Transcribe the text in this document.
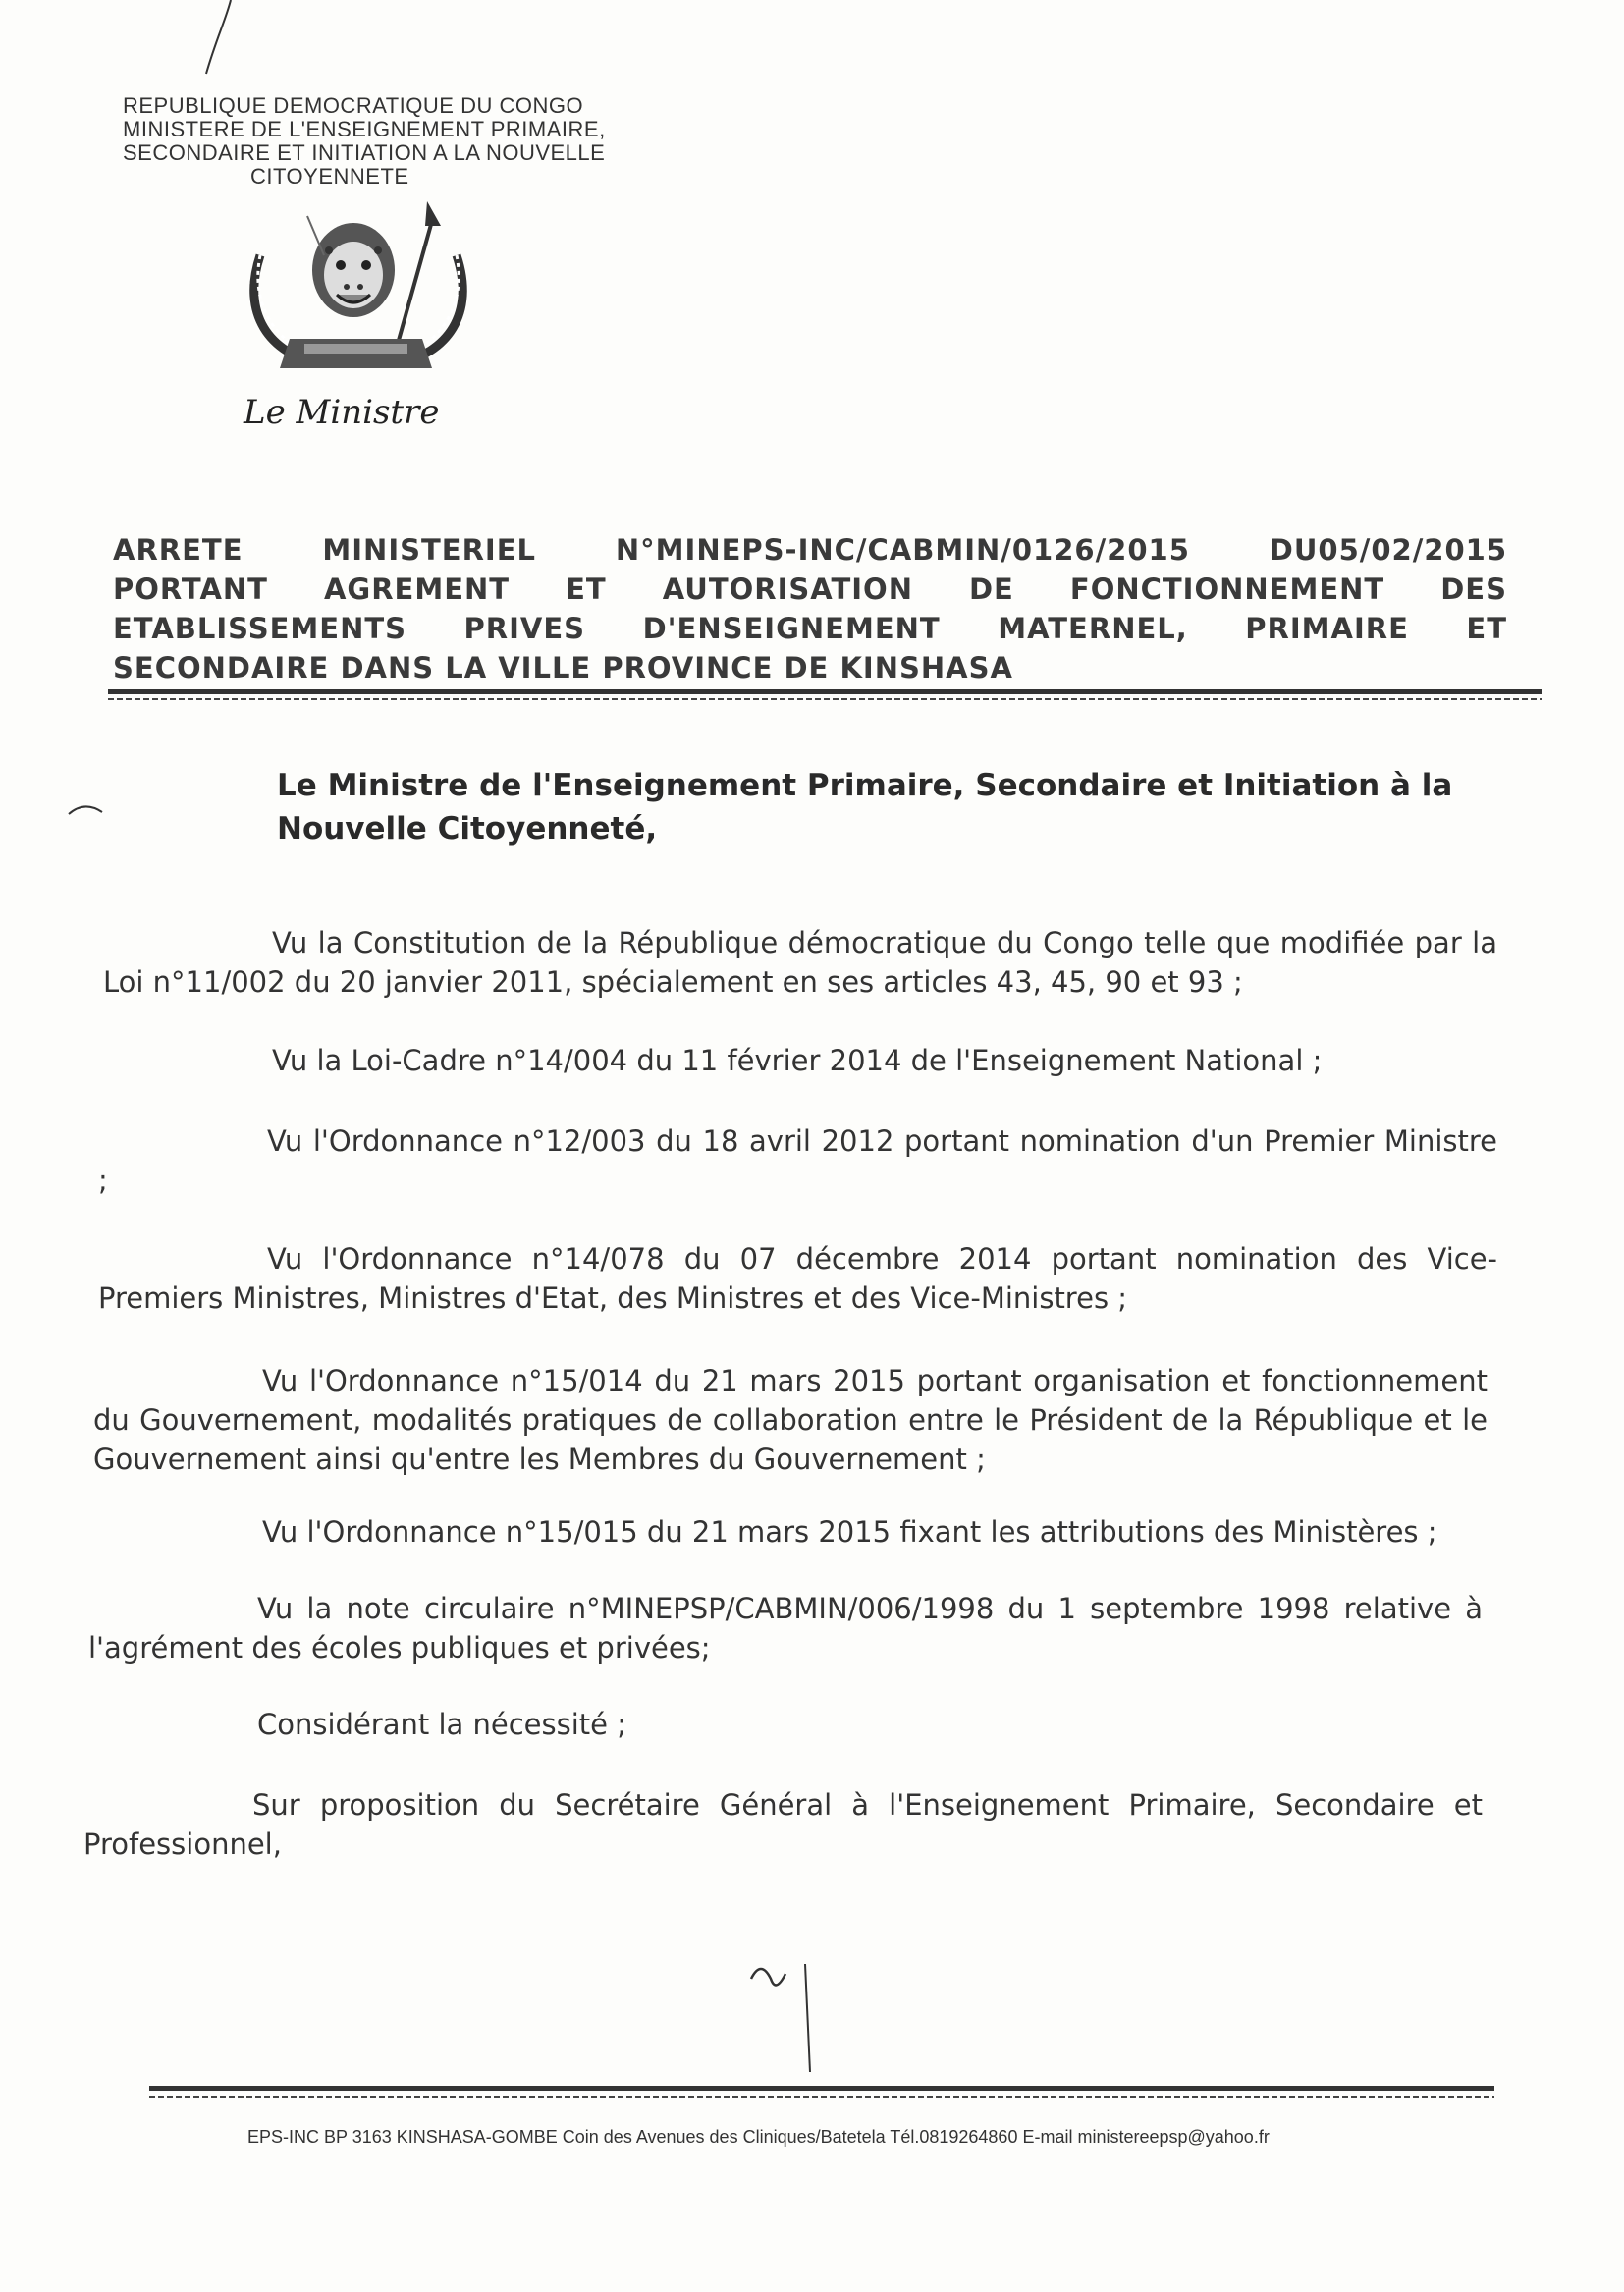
REPUBLIQUE DEMOCRATIQUE DU CONGO
MINISTERE DE L'ENSEIGNEMENT PRIMAIRE,
SECONDAIRE ET INITIATION A LA NOUVELLE
CITOYENNETE
Le Ministre
ARRETE MINISTERIEL N°MINEPS-INC/CABMIN/0126/2015 DU05/02/2015
PORTANT AGREMENT ET AUTORISATION DE FONCTIONNEMENT DES
ETABLISSEMENTS PRIVES D'ENSEIGNEMENT MATERNEL, PRIMAIRE ET
SECONDAIRE DANS LA VILLE PROVINCE DE KINSHASA
Le Ministre de l'Enseignement Primaire, Secondaire et Initiation à la Nouvelle Citoyenneté,
Vu la Constitution de la République démocratique du Congo telle que modifiée par la Loi n°11/002 du 20 janvier 2011, spécialement en ses articles 43, 45, 90 et 93 ;
Vu la Loi-Cadre n°14/004 du 11 février 2014 de l'Enseignement National ;
Vu l'Ordonnance n°12/003 du 18 avril 2012 portant nomination d'un Premier Ministre ;
Vu l'Ordonnance n°14/078 du 07 décembre 2014 portant nomination des Vice-Premiers Ministres, Ministres d'Etat, des Ministres et des Vice-Ministres ;
Vu l'Ordonnance n°15/014 du 21 mars 2015 portant organisation et fonctionnement du Gouvernement, modalités pratiques de collaboration entre le Président de la République et le Gouvernement ainsi qu'entre les Membres du Gouvernement ;
Vu l'Ordonnance n°15/015 du 21 mars 2015 fixant les attributions des Ministères ;
Vu la note circulaire n°MINEPSP/CABMIN/006/1998 du 1 septembre 1998 relative à l'agrément des écoles publiques et privées;
Considérant la nécessité ;
Sur proposition du Secrétaire Général à l'Enseignement Primaire, Secondaire et Professionnel,
EPS-INC BP 3163 KINSHASA-GOMBE Coin des Avenues des Cliniques/Batetela Tél.0819264860 E-mail ministereepsp@yahoo.fr
